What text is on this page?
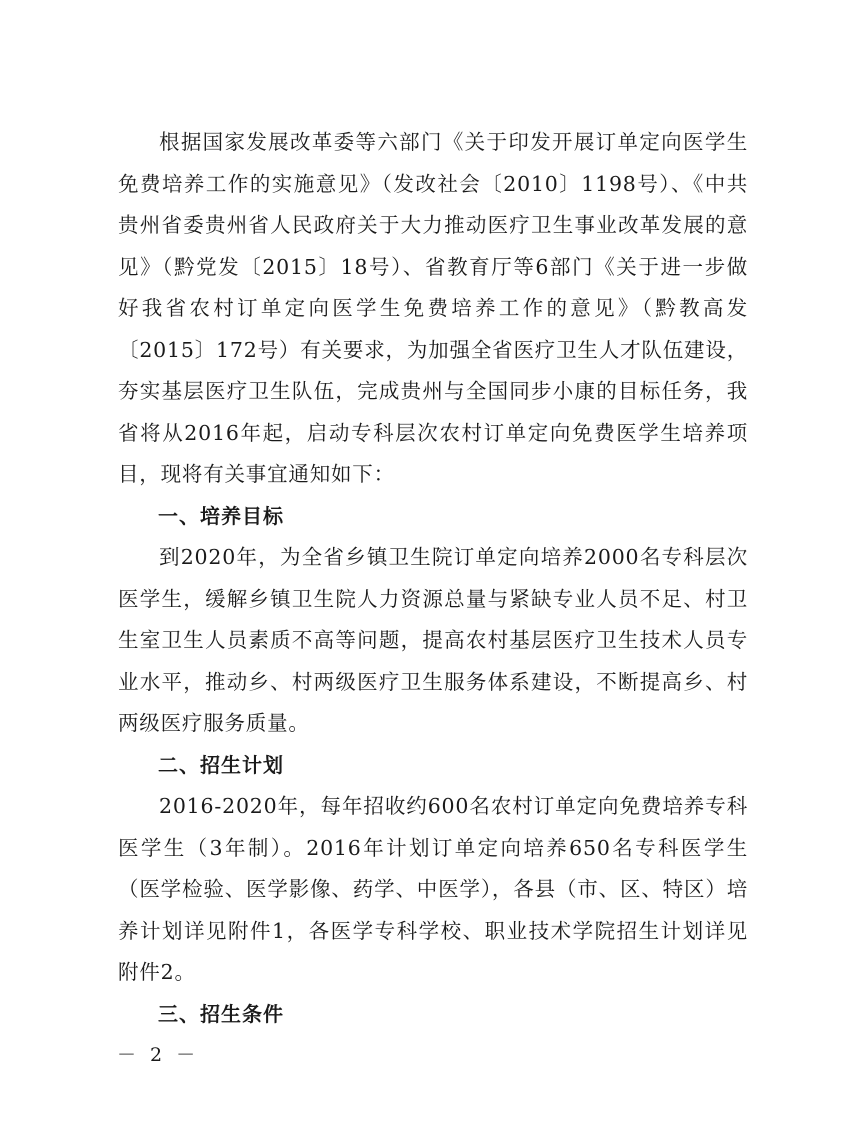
根据国家发展改革委等六部门《关于印发开展订单定向医学生免费培养工作的实施意见》（发改社会〔2010〕1198号）、《中共贵州省委贵州省人民政府关于大力推动医疗卫生事业改革发展的意见》（黔党发〔2015〕18号）、省教育厅等6部门《关于进一步做好我省农村订单定向医学生免费培养工作的意见》（黔教高发〔2015〕172号）有关要求，为加强全省医疗卫生人才队伍建设，夯实基层医疗卫生队伍，完成贵州与全国同步小康的目标任务，我省将从2016年起，启动专科层次农村订单定向免费医学生培养项目，现将有关事宜通知如下：

一、培养目标

到2020年，为全省乡镇卫生院订单定向培养2000名专科层次医学生，缓解乡镇卫生院人力资源总量与紧缺专业人员不足、村卫生室卫生人员素质不高等问题，提高农村基层医疗卫生技术人员专业水平，推动乡、村两级医疗卫生服务体系建设，不断提高乡、村两级医疗服务质量。

二、招生计划

2016-2020年，每年招收约600名农村订单定向免费培养专科医学生（3年制）。2016年计划订单定向培养650名专科医学生（医学检验、医学影像、药学、中医学），各县（市、区、特区）培养计划详见附件1，各医学专科学校、职业技术学院招生计划详见附件2。

三、招生条件

－ 2 －
